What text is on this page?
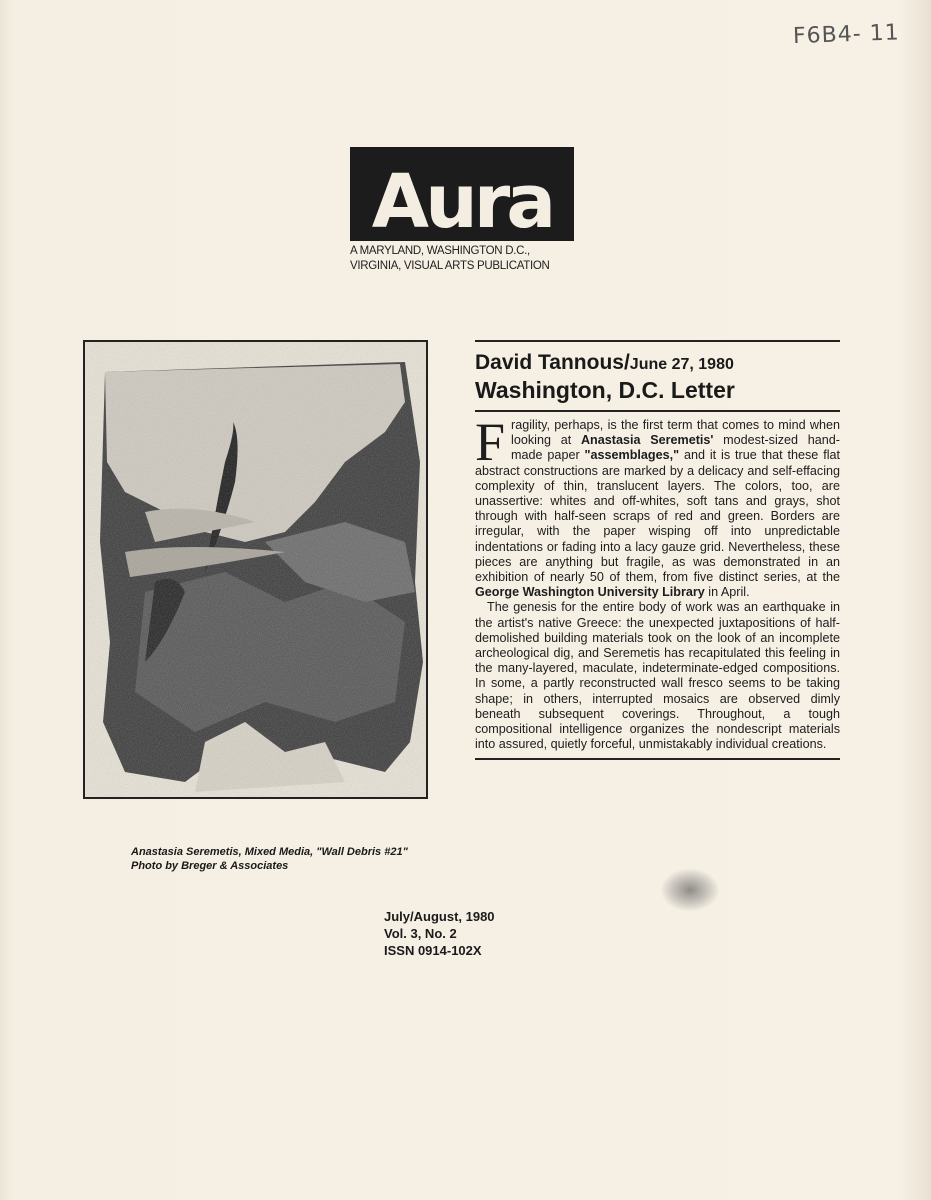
F6B4- 11
Aura
A MARYLAND, WASHINGTON D.C.,
VIRGINIA, VISUAL ARTS PUBLICATION
Anastasia Seremetis, Mixed Media, "Wall Debris #21"
Photo by Breger & Associates
David Tannous/June 27, 1980
Washington, D.C. Letter

Fragility, perhaps, is the first term that comes to mind when looking at Anastasia Seremetis' modest-sized hand-made paper "assemblages," and it is true that these flat abstract constructions are marked by a delicacy and self-effacing complexity of thin, translucent layers. The colors, too, are unassertive: whites and off-whites, soft tans and grays, shot through with half-seen scraps of red and green. Borders are irregular, with the paper wisping off into unpredictable indentations or fading into a lacy gauze grid. Nevertheless, these pieces are anything but fragile, as was demonstrated in an exhibition of nearly 50 of them, from five distinct series, at the George Washington University Library in April.

The genesis for the entire body of work was an earthquake in the artist's native Greece: the unexpected juxtapositions of half-demolished building materials took on the look of an incomplete archeological dig, and Seremetis has recapitulated this feeling in the many-layered, maculate, indeterminate-edged compositions. In some, a partly reconstructed wall fresco seems to be taking shape; in others, interrupted mosaics are observed dimly beneath subsequent coverings. Throughout, a tough compositional intelligence organizes the nondescript materials into assured, quietly forceful, unmistakably individual creations.

July/August, 1980
Vol. 3, No. 2
ISSN 0914-102X
